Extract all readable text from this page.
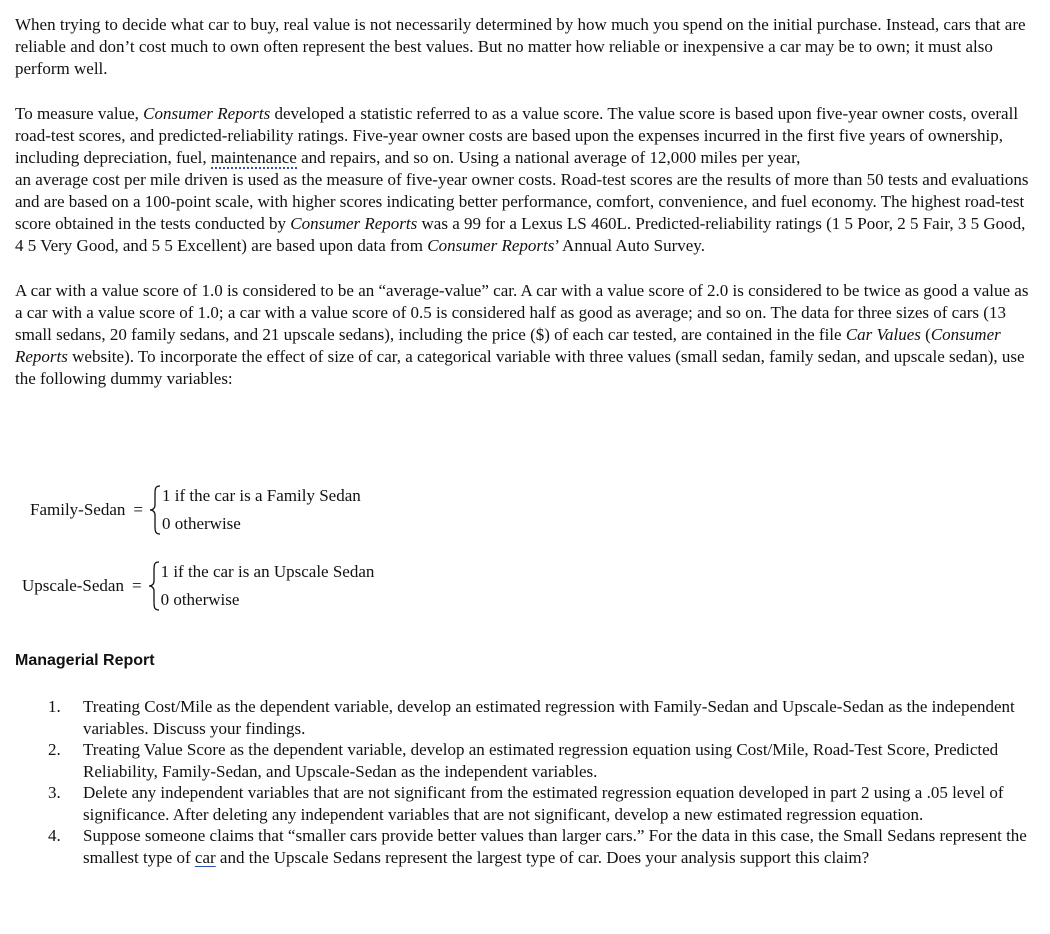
When trying to decide what car to buy, real value is not necessarily determined by how much you spend on the initial purchase. Instead, cars that are reliable and don’t cost much to own often represent the best values. But no matter how reliable or inexpensive a car may be to own; it must also perform well.

To measure value, Consumer Reports developed a statistic referred to as a value score. The value score is based upon five-year owner costs, overall road-test scores, and predicted-reliability ratings. Five-year owner costs are based upon the expenses incurred in the first five years of ownership, including depreciation, fuel, maintenance and repairs, and so on. Using a national average of 12,000 miles per year,
an average cost per mile driven is used as the measure of five-year owner costs. Road-test scores are the results of more than 50 tests and evaluations and are based on a 100-point scale, with higher scores indicating better performance, comfort, convenience, and fuel economy. The highest road-test score obtained in the tests conducted by Consumer Reports was a 99 for a Lexus LS 460L. Predicted-reliability ratings (1 5 Poor, 2 5 Fair, 3 5 Good, 4 5 Very Good, and 5 5 Excellent) are based upon data from Consumer Reports’ Annual Auto Survey.

A car with a value score of 1.0 is considered to be an “average-value” car. A car with a value score of 2.0 is considered to be twice as good a value as a car with a value score of 1.0; a car with a value score of 0.5 is considered half as good as average; and so on. The data for three sizes of cars (13 small sedans, 20 family sedans, and 21 upscale sedans), including the price ($) of each car tested, are contained in the file Car Values (Consumer Reports website). To incorporate the effect of size of car, a categorical variable with three values (small sedan, family sedan, and upscale sedan), use the following dummy variables:

Family-Sedan =
1 if the car is a Family Sedan
0 otherwise
Upscale-Sedan =
1 if the car is an Upscale Sedan
0 otherwise
Managerial Report
1.	Treating Cost/Mile as the dependent variable, develop an estimated regression with Family-Sedan and Upscale-Sedan as the independent variables. Discuss your findings.
2.	Treating Value Score as the dependent variable, develop an estimated regression equation using Cost/Mile, Road-Test Score, Predicted Reliability, Family-Sedan, and Upscale-Sedan as the independent variables.
3.	Delete any independent variables that are not significant from the estimated regression equation developed in part 2 using a .05 level of significance. After deleting any independent variables that are not significant, develop a new estimated regression equation.
4.	Suppose someone claims that “smaller cars provide better values than larger cars.” For the data in this case, the Small Sedans represent the smallest type of car and the Upscale Sedans represent the largest type of car. Does your analysis support this claim?
